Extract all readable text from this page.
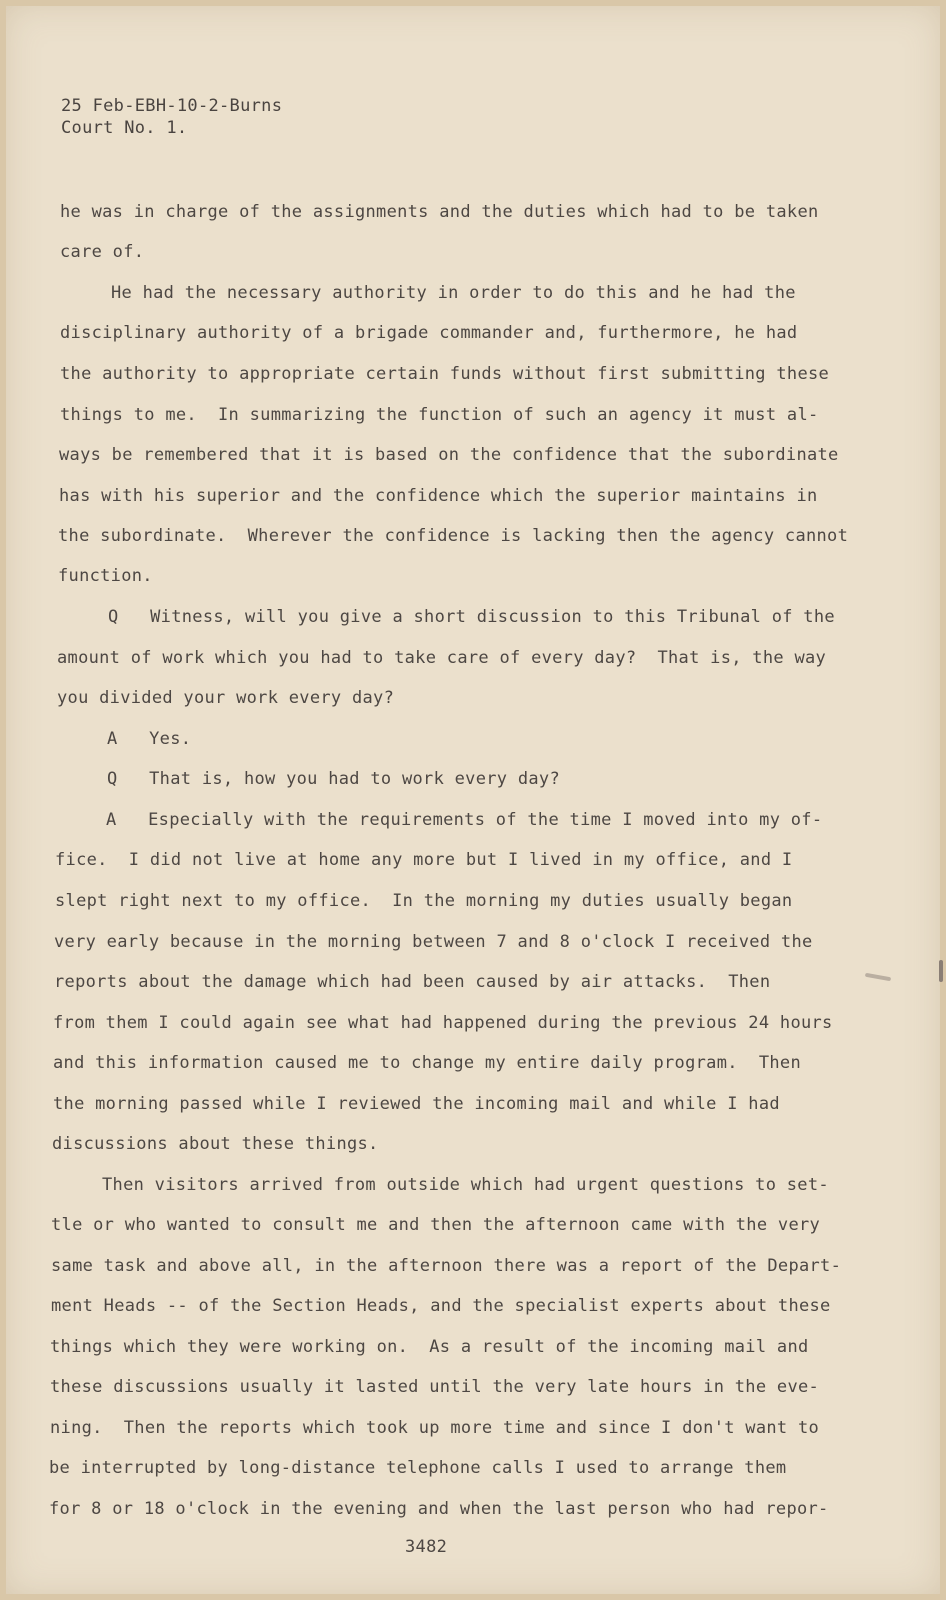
25 Feb-EBH-10-2-Burns
Court No. 1.
he was in charge of the assignments and the duties which had to be taken
care of.
He had the necessary authority in order to do this and he had the
disciplinary authority of a brigade commander and, furthermore, he had
the authority to appropriate certain funds without first submitting these
things to me.  In summarizing the function of such an agency it must al-
ways be remembered that it is based on the confidence that the subordinate
has with his superior and the confidence which the superior maintains in
the subordinate.  Wherever the confidence is lacking then the agency cannot
function.
Q   Witness, will you give a short discussion to this Tribunal of the
amount of work which you had to take care of every day?  That is, the way
you divided your work every day?
A   Yes.
Q   That is, how you had to work every day?
A   Especially with the requirements of the time I moved into my of-
fice.  I did not live at home any more but I lived in my office, and I
slept right next to my office.  In the morning my duties usually began
very early because in the morning between 7 and 8 o'clock I received the
reports about the damage which had been caused by air attacks.  Then
from them I could again see what had happened during the previous 24 hours
and this information caused me to change my entire daily program.  Then
the morning passed while I reviewed the incoming mail and while I had
discussions about these things.
Then visitors arrived from outside which had urgent questions to set-
tle or who wanted to consult me and then the afternoon came with the very
same task and above all, in the afternoon there was a report of the Depart-
ment Heads -- of the Section Heads, and the specialist experts about these
things which they were working on.  As a result of the incoming mail and
these discussions usually it lasted until the very late hours in the eve-
ning.  Then the reports which took up more time and since I don't want to
be interrupted by long-distance telephone calls I used to arrange them
for 8 or 18 o'clock in the evening and when the last person who had repor-
3482
